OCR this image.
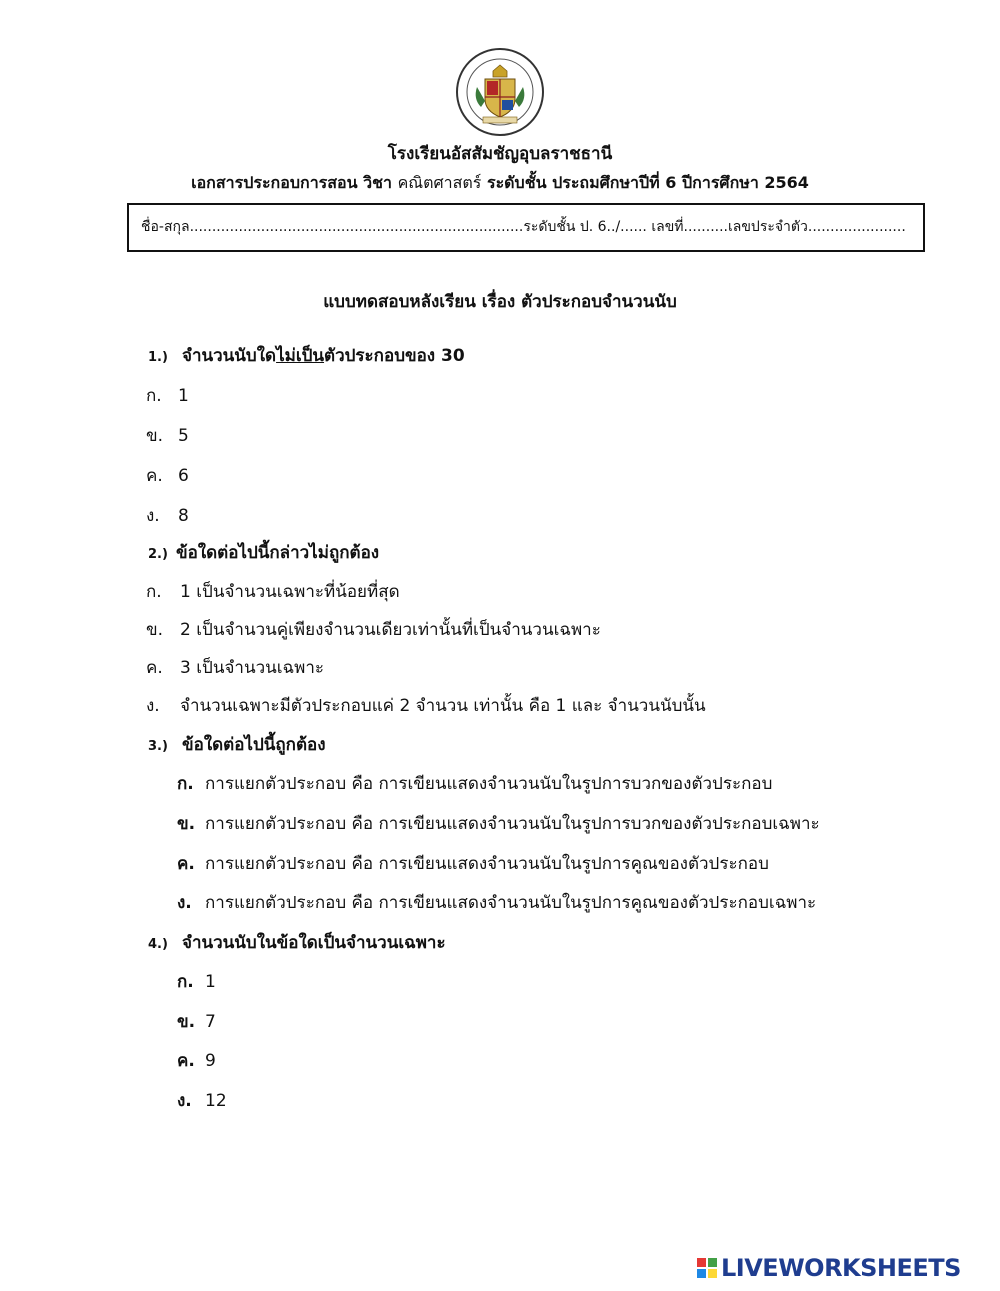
โรงเรียนอัสสัมชัญอุบลราชธานี
เอกสารประกอบการสอน วิชา คณิตศาสตร์ ระดับชั้น ประถมศึกษาปีที่ 6 ปีการศึกษา 2564
ชื่อ-สกุล...........................................................................ระดับชั้น ป. 6../...... เลขที่..........เลขประจำตัว......................
แบบทดสอบหลังเรียน เรื่อง ตัวประกอบจำนวนนับ
1.) จำนวนนับใดไม่เป็นตัวประกอบของ 30
ก. 1
ข. 5
ค. 6
ง. 8
2.) ข้อใดต่อไปนี้กล่าวไม่ถูกต้อง
ก. 1 เป็นจำนวนเฉพาะที่น้อยที่สุด
ข. 2 เป็นจำนวนคู่เพียงจำนวนเดียวเท่านั้นที่เป็นจำนวนเฉพาะ
ค. 3 เป็นจำนวนเฉพาะ
ง. จำนวนเฉพาะมีตัวประกอบแค่ 2 จำนวน เท่านั้น คือ 1 และ จำนวนนับนั้น
3.) ข้อใดต่อไปนี้ถูกต้อง
ก. การแยกตัวประกอบ คือ การเขียนแสดงจำนวนนับในรูปการบวกของตัวประกอบ
ข. การแยกตัวประกอบ คือ การเขียนแสดงจำนวนนับในรูปการบวกของตัวประกอบเฉพาะ
ค. การแยกตัวประกอบ คือ การเขียนแสดงจำนวนนับในรูปการคูณของตัวประกอบ
ง. การแยกตัวประกอบ คือ การเขียนแสดงจำนวนนับในรูปการคูณของตัวประกอบเฉพาะ
4.) จำนวนนับในข้อใดเป็นจำนวนเฉพาะ
ก. 1
ข. 7
ค. 9
ง. 12
LIVEWORKSHEETS
